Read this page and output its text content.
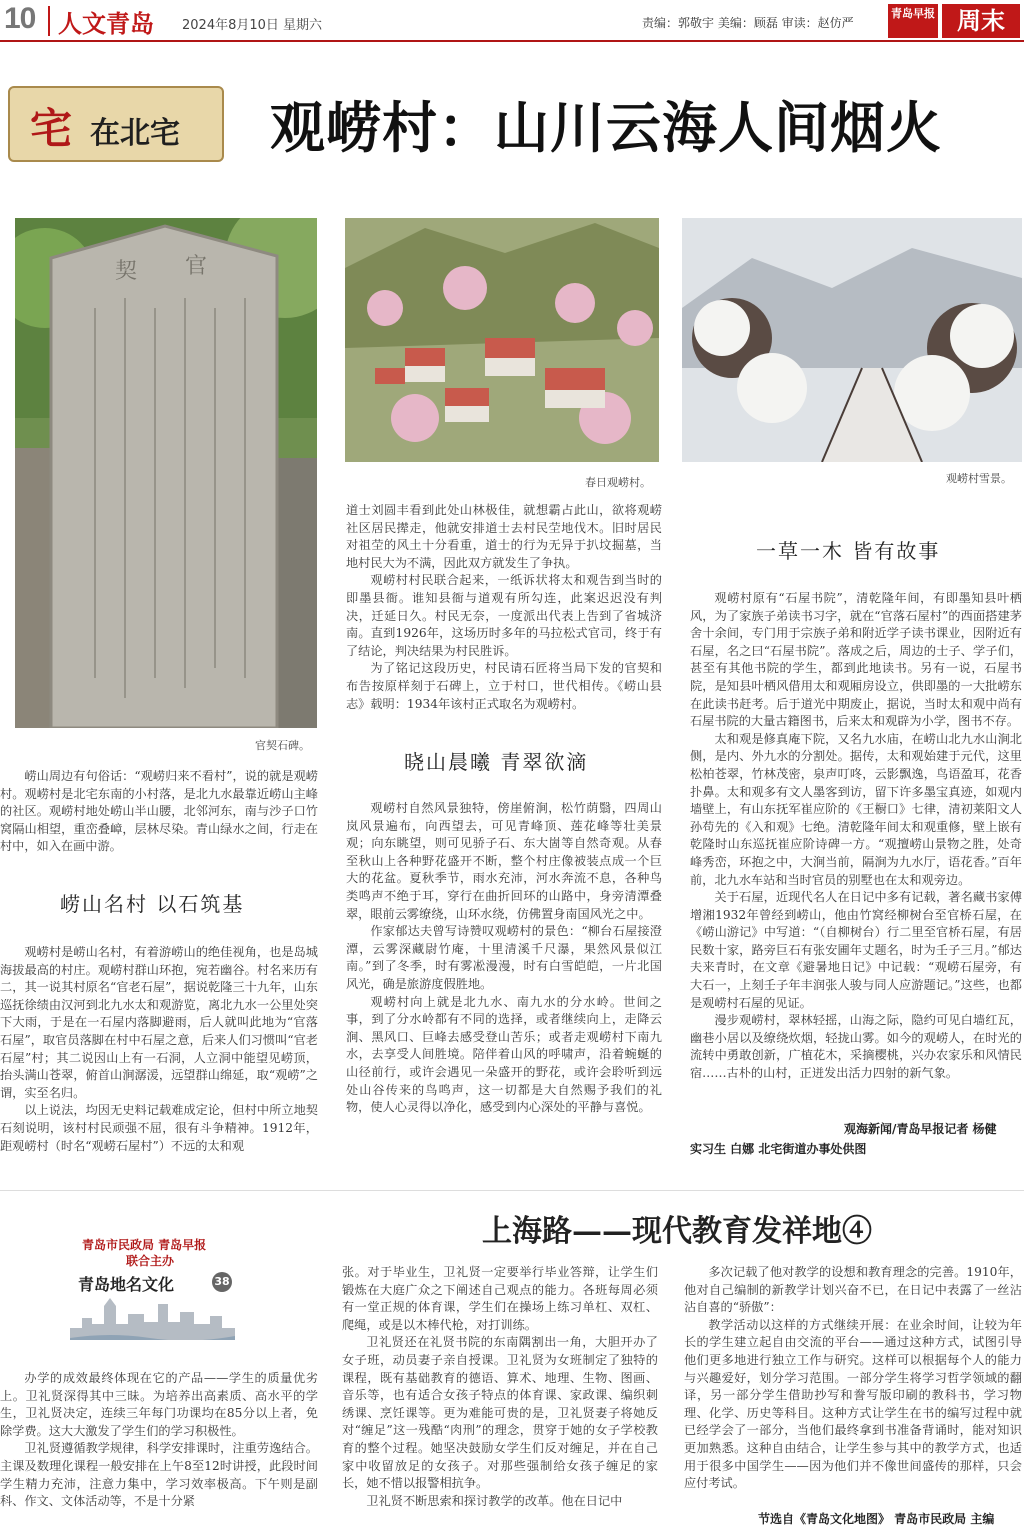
10 人文青岛 2024年8月10日 星期六	责编：郭敬宇 美编：顾磊 审读：赵仿严
青岛早报 周末
宅 在北宅 观崂村：山川云海人间烟火
契 官
官契石碑。
春日观崂村。	观崂村雪景。

崂山周边有句俗话：“观崂归来不看村”，说的就是观崂村。观崂村是北宅东南的小村落，是北九水最靠近崂山主峰的社区。观崂村地处崂山半山腰，北邻河东，南与沙子口竹窝隔山相望，重峦叠嶂，层林尽染。青山绿水之间，行走在村中，如入在画中游。

崂山名村 以石筑基

观崂村是崂山名村，有着游崂山的绝佳视角，也是岛城海拔最高的村庄。观崂村群山环抱，宛若幽谷。村名来历有二，其一说其村原名“官老石屋”，据说乾隆三十九年，山东巡抚徐绩由汉河到北九水太和观游览，离北九水一公里处突下大雨，于是在一石屋内落脚避雨，后人就叫此地为“官落石屋”，取官员落脚在村中石屋之意，后来人们习惯叫“官老石屋”村；其二说因山上有一石洞，人立洞中能望见崂顶，抬头满山苍翠，俯首山涧潺湲，远望群山绵延，取“观崂”之谓，实至名归。

以上说法，均因无史料记载难成定论，但村中所立地契石刻说明，该村村民顽强不屈，很有斗争精神。1912年，距观崂村（时名“观崂石屋村”）不远的太和观

道士刘圆丰看到此处山林极佳，就想霸占此山，欲将观崂社区居民撵走，他就安排道士去村民茔地伐木。旧时居民对祖茔的风土十分看重，道士的行为无异于扒坟掘墓，当地村民大为不满，因此双方就发生了争执。

观崂村村民联合起来，一纸诉状将太和观告到当时的即墨县衙。谁知县衙与道观有所勾连，此案迟迟没有判决，迁延日久。村民无奈，一度派出代表上告到了省城济南。直到1926年，这场历时多年的马拉松式官司，终于有了结论，判决结果为村民胜诉。

为了铭记这段历史，村民请石匠将当局下发的官契和布告按原样刻于石碑上，立于村口，世代相传。《崂山县志》载明：1934年该村正式取名为观崂村。

晓山晨曦 青翠欲滴

观崂村自然风景独特，傍崖俯涧，松竹荫翳，四周山岚风景遍布，向西望去，可见青峰顶、莲花峰等壮美景观；向东眺望，则可见骄子石、东大崮等自然奇观。从春至秋山上各种野花盛开不断，整个村庄像被装点成一个巨大的花盆。夏秋季节，雨水充沛，河水奔流不息，各种鸟类鸣声不绝于耳，穿行在曲折回环的山路中，身旁清潭叠翠，眼前云雾缭绕，山环水绕，仿佛置身南国风光之中。

作家郁达夫曾写诗赞叹观崂村的景色：“柳台石屋接澄潭，云雾深藏尉竹庵，十里清溪千尺瀑，果然风景似江南。”到了冬季，时有雾凇漫漫，时有白雪皑皑，一片北国风光，确是旅游度假胜地。

观崂村向上就是北九水、南九水的分水岭。世间之事，到了分水岭都有不同的选择，或者继续向上，走降云涧、黑风口、巨峰去感受登山苦乐；或者走观崂村下南九水，去享受人间胜境。陪伴着山风的呼啸声，沿着蜿蜒的山径前行，或许会遇见一朵盛开的野花，或许会聆听到远处山谷传来的鸟鸣声，这一切都是大自然赐予我们的礼物，使人心灵得以净化，感受到内心深处的平静与喜悦。

一草一木 皆有故事

观崂村原有“石屋书院”，清乾隆年间，有即墨知县叶栖风，为了家族子弟读书习字，就在“官落石屋村”的西面搭建茅舍十余间，专门用于宗族子弟和附近学子读书课业，因附近有石屋，名之曰“石屋书院”。落成之后，周边的士子、学子们，甚至有其他书院的学生，都到此地读书。另有一说，石屋书院，是知县叶栖风借用太和观厢房设立，供即墨的一大批崂东在此读书赶考。后于道光中期废止，据说，当时太和观中尚有石屋书院的大量古籍图书，后来太和观辟为小学，图书不存。

太和观是修真庵下院，又名九水庙，在崂山北九水山涧北侧，是内、外九水的分割处。据传，太和观始建于元代，这里松柏苍翠，竹林茂密，泉声叮咚，云影飘逸，鸟语盈耳，花香扑鼻。太和观多有文人墨客到访，留下许多墨宝真迹，如观内墙壁上，有山东抚军崔应阶的《王橱口》七律，清初莱阳文人孙苟先的《入和观》七绝。清乾隆年间太和观重修，壁上嵌有乾隆时山东巡抚崔应阶诗碑一方。“观擅崂山景物之胜，处奇峰秀峦，环抱之中，大涧当前，隔涧为九水厅，语花香。”百年前，北九水车站和当时官员的别墅也在太和观旁边。

关于石屋，近现代名人在日记中多有记载，著名藏书家傅增湘1932年曾经到崂山，他由竹窝经柳树台至官桥石屋，在《崂山游记》中写道：“（自柳树台）行二里至官桥石屋，有居民数十家，路旁巨石有张安圃年丈题名，时为壬子三月。”郁达夫来青时，在文章《避暑地日记》中记载：“观崂石屋旁，有大石一，上刻壬子年丰润张人骏与同人应游题记。”这些，也都是观崂村石屋的见证。

漫步观崂村，翠林轻摇，山海之际，隐约可见白墙红瓦，幽巷小居以及缭绕炊烟，轻拢山雾。如今的观崂人，在时光的流转中勇敢创新，广植花木，采摘樱桃，兴办农家乐和风情民宿……古朴的山村，正迸发出活力四射的新气象。

观海新闻/青岛早报记者 杨健
实习生 白娜 北宅街道办事处供图
青岛市民政局 青岛早报
联合主办
青岛地名文化	38
上海路——现代教育发祥地④

办学的成效最终体现在它的产品——学生的质量优劣上。卫礼贤深得其中三昧。为培养出高素质、高水平的学生，卫礼贤决定，连续三年每门功课均在85分以上者，免除学费。这大大激发了学生们的学习积极性。

卫礼贤遵循教学规律，科学安排课时，注重劳逸结合。主课及数理化课程一般安排在上午8至12时讲授，此段时间学生精力充沛，注意力集中，学习效率极高。下午则是副科、作文、文体活动等，不是十分紧

张。对于毕业生，卫礼贤一定要举行毕业答辩，让学生们锻炼在大庭广众之下阐述自己观点的能力。各班每周必须有一堂正规的体育课，学生们在操场上练习单杠、双杠、爬绳，或是以木棒代枪，对打训练。

卫礼贤还在礼贤书院的东南隅割出一角，大胆开办了女子班，动员妻子亲自授课。卫礼贤为女班制定了独特的课程，既有基础教育的德语、算术、地理、生物、图画、音乐等，也有适合女孩子特点的体育课、家政课、编织刺绣课、烹饪课等。更为难能可贵的是，卫礼贤妻子将她反对“缠足”这一残酷“肉刑”的理念，贯穿于她的女子学校教育的整个过程。她坚决鼓励女学生们反对缠足，并在自己家中收留放足的女孩子。对那些强制给女孩子缠足的家长，她不惜以报警相抗争。

卫礼贤不断思索和探讨教学的改革。他在日记中

多次记载了他对教学的设想和教育理念的完善。1910年，他对自己编制的新教学计划兴奋不已，在日记中表露了一丝沾沾自喜的“骄傲”：

教学活动以这样的方式继续开展：在业余时间，让较为年长的学生建立起自由交流的平台——通过这种方式，试图引导他们更多地进行独立工作与研究。这样可以根据每个人的能力与兴趣爱好，划分学习范围。一部分学生将学习哲学领域的翻译，另一部分学生借助抄写和誊写版印刷的教科书，学习物理、化学、历史等科目。这种方式让学生在书的编写过程中就已经学会了一部分，当他们最终拿到书准备背诵时，能对知识更加熟悉。这种自由结合，让学生参与其中的教学方式，也适用于很多中国学生——因为他们并不像世间盛传的那样，只会应付考试。

节选自《青岛文化地图》 青岛市民政局 主编
